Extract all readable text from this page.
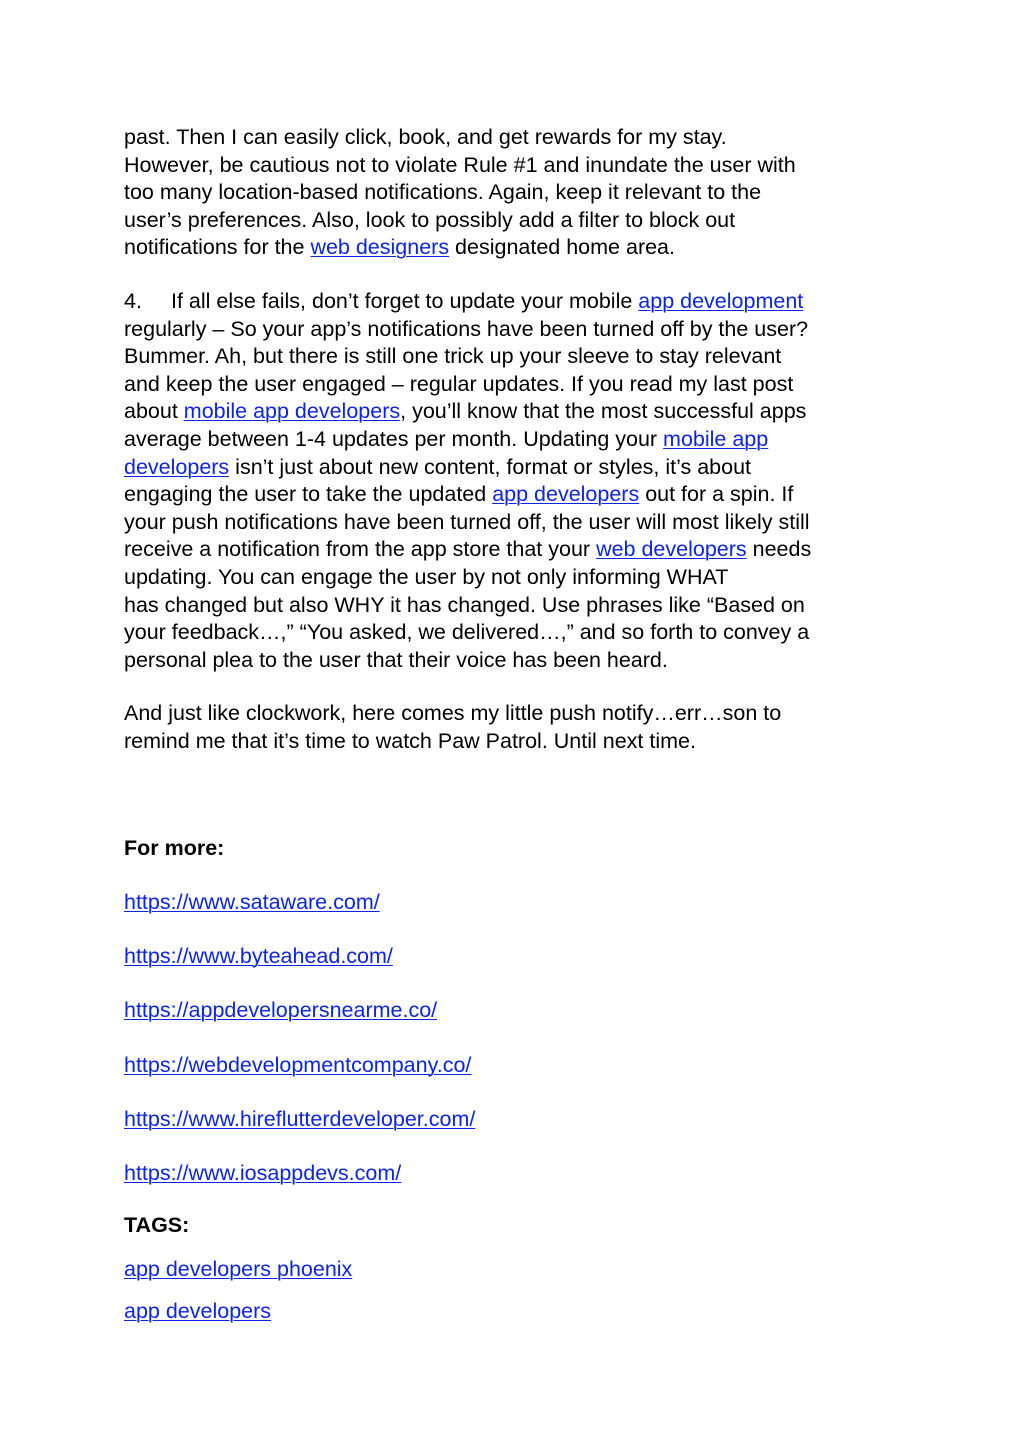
past. Then I can easily click, book, and get rewards for my stay.
However, be cautious not to violate Rule #1 and inundate the user with
too many location-based notifications. Again, keep it relevant to the
user’s preferences. Also, look to possibly add a filter to block out
notifications for the web designers designated home area.

4. If all else fails, don’t forget to update your mobile app development
regularly – So your app’s notifications have been turned off by the user?
Bummer. Ah, but there is still one trick up your sleeve to stay relevant
and keep the user engaged – regular updates. If you read my last post
about mobile app developers, you’ll know that the most successful apps
average between 1-4 updates per month. Updating your mobile app
developers isn’t just about new content, format or styles, it’s about
engaging the user to take the updated app developers out for a spin. If
your push notifications have been turned off, the user will most likely still
receive a notification from the app store that your web developers needs
updating. You can engage the user by not only informing WHAT
has changed but also WHY it has changed. Use phrases like “Based on
your feedback…,” “You asked, we delivered…,” and so forth to convey a
personal plea to the user that their voice has been heard.

And just like clockwork, here comes my little push notify…err…son to
remind me that it’s time to watch Paw Patrol. Until next time.

For more:

https://www.sataware.com/
https://www.byteahead.com/
https://appdevelopersnearme.co/
https://webdevelopmentcompany.co/
https://www.hireflutterdeveloper.com/
https://www.iosappdevs.com/

TAGS:

app developers phoenix
app developers
